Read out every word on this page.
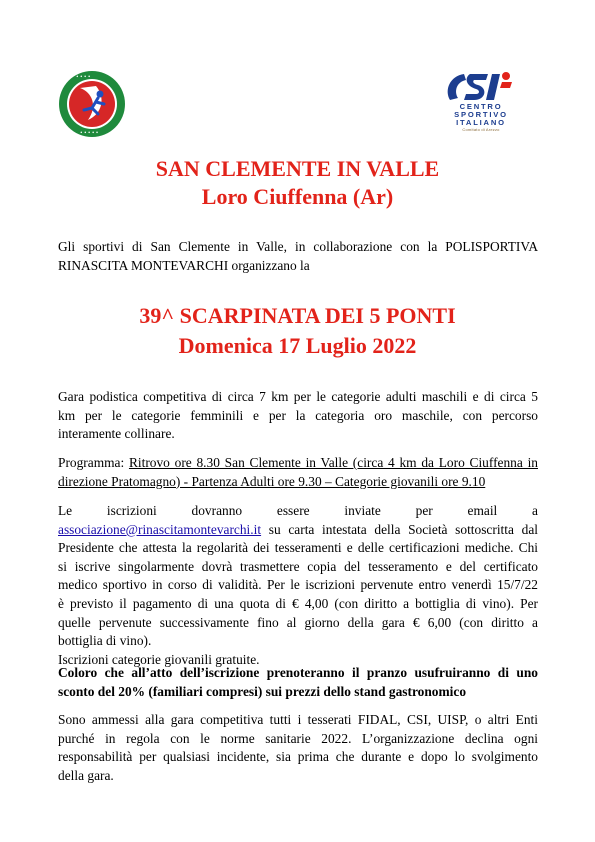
• • • •
• • • • •
CENTRO
SPORTIVO
ITALIANO
Comitato di Arezzo
SAN CLEMENTE IN VALLE
Loro Ciuffenna (Ar)
Gli sportivi di San Clemente in Valle, in collaborazione con la POLISPORTIVA
RINASCITA MONTEVARCHI organizzano la
39^ SCARPINATA DEI 5 PONTI
Domenica 17 Luglio 2022
Gara podistica competitiva di circa 7 km per le categorie adulti maschili e di circa 5
km per le categorie femminili e per la categoria oro maschile, con percorso
interamente collinare.
Programma: Ritrovo ore 8.30 San Clemente in Valle (circa 4 km da Loro Ciuffenna in
direzione Pratomagno) - Partenza Adulti ore 9.30 – Categorie giovanili ore 9.10
Le iscrizioni dovranno essere inviate per email a
associazione@rinascitamontevarchi.it su carta intestata della Società sottoscritta dal
Presidente che attesta la regolarità dei tesseramenti e delle certificazioni mediche. Chi
si iscrive singolarmente dovrà trasmettere copia del tesseramento e del certificato
medico sportivo in corso di validità. Per le iscrizioni pervenute entro venerdì 15/7/22
è previsto il pagamento di una quota di € 4,00 (con diritto a bottiglia di vino). Per
quelle pervenute successivamente fino al giorno della gara € 6,00 (con diritto a
bottiglia di vino).
Iscrizioni categorie giovanili gratuite.
Coloro che all’atto dell’iscrizione prenoteranno il pranzo usufruiranno di uno
sconto del 20% (familiari compresi) sui prezzi dello stand gastronomico
Sono ammessi alla gara competitiva tutti i tesserati FIDAL, CSI, UISP, o altri Enti
purché in regola con le norme sanitarie 2022. L’organizzazione declina ogni
responsabilità per qualsiasi incidente, sia prima che durante e dopo lo svolgimento
della gara.
